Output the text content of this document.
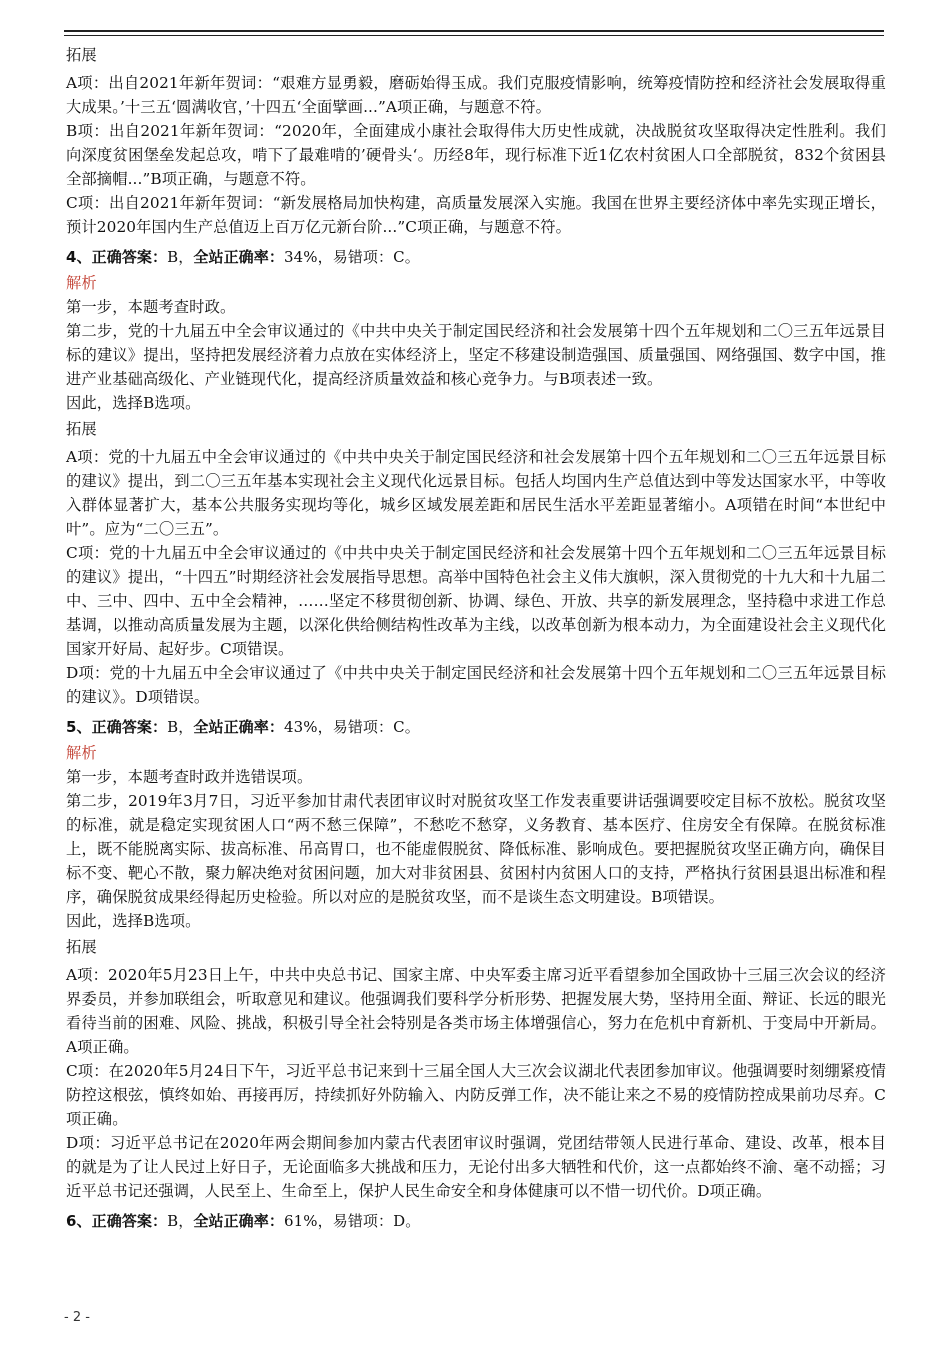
拓展

A项：出自2021年新年贺词：“艰难方显勇毅，磨砺始得玉成。我们克服疫情影响，统筹疫情防控和经济社会发展取得重大成果。’十三五‘圆满收官，’十四五‘全面擘画...”A项正确，与题意不符。

B项：出自2021年新年贺词：“2020年，全面建成小康社会取得伟大历史性成就，决战脱贫攻坚取得决定性胜利。我们向深度贫困堡垒发起总攻，啃下了最难啃的’硬骨头‘。历经8年，现行标准下近1亿农村贫困人口全部脱贫，832个贫困县全部摘帽...”B项正确，与题意不符。

C项：出自2021年新年贺词：“新发展格局加快构建，高质量发展深入实施。我国在世界主要经济体中率先实现正增长，预计2020年国内生产总值迈上百万亿元新台阶...”C项正确，与题意不符。

4、正确答案：B，全站正确率：34%，易错项：C。

解析

第一步，本题考查时政。

第二步，党的十九届五中全会审议通过的《中共中央关于制定国民经济和社会发展第十四个五年规划和二〇三五年远景目标的建议》提出，坚持把发展经济着力点放在实体经济上，坚定不移建设制造强国、质量强国、网络强国、数字中国，推进产业基础高级化、产业链现代化，提高经济质量效益和核心竞争力。与B项表述一致。

因此，选择B选项。

拓展

A项：党的十九届五中全会审议通过的《中共中央关于制定国民经济和社会发展第十四个五年规划和二〇三五年远景目标的建议》提出，到二〇三五年基本实现社会主义现代化远景目标。包括人均国内生产总值达到中等发达国家水平，中等收入群体显著扩大，基本公共服务实现均等化，城乡区域发展差距和居民生活水平差距显著缩小。A项错在时间“本世纪中叶”。应为“二〇三五”。

C项：党的十九届五中全会审议通过的《中共中央关于制定国民经济和社会发展第十四个五年规划和二〇三五年远景目标的建议》提出，“十四五”时期经济社会发展指导思想。高举中国特色社会主义伟大旗帜，深入贯彻党的十九大和十九届二中、三中、四中、五中全会精神，……坚定不移贯彻创新、协调、绿色、开放、共享的新发展理念，坚持稳中求进工作总基调，以推动高质量发展为主题，以深化供给侧结构性改革为主线，以改革创新为根本动力，为全面建设社会主义现代化国家开好局、起好步。C项错误。

D项：党的十九届五中全会审议通过了《中共中央关于制定国民经济和社会发展第十四个五年规划和二〇三五年远景目标的建议》。D项错误。

5、正确答案：B，全站正确率：43%，易错项：C。

解析

第一步，本题考查时政并选错误项。

第二步，2019年3月7日，习近平参加甘肃代表团审议时对脱贫攻坚工作发表重要讲话强调要咬定目标不放松。脱贫攻坚的标准，就是稳定实现贫困人口“两不愁三保障”，不愁吃不愁穿，义务教育、基本医疗、住房安全有保障。在脱贫标准上，既不能脱离实际、拔高标准、吊高胃口，也不能虚假脱贫、降低标准、影响成色。要把握脱贫攻坚正确方向，确保目标不变、靶心不散，聚力解决绝对贫困问题，加大对非贫困县、贫困村内贫困人口的支持，严格执行贫困县退出标准和程序，确保脱贫成果经得起历史检验。所以对应的是脱贫攻坚，而不是谈生态文明建设。B项错误。

因此，选择B选项。

拓展

A项：2020年5月23日上午，中共中央总书记、国家主席、中央军委主席习近平看望参加全国政协十三届三次会议的经济界委员，并参加联组会，听取意见和建议。他强调我们要科学分析形势、把握发展大势，坚持用全面、辩证、长远的眼光看待当前的困难、风险、挑战，积极引导全社会特别是各类市场主体增强信心，努力在危机中育新机、于变局中开新局。A项正确。

C项：在2020年5月24日下午，习近平总书记来到十三届全国人大三次会议湖北代表团参加审议。他强调要时刻绷紧疫情防控这根弦，慎终如始、再接再厉，持续抓好外防输入、内防反弹工作，决不能让来之不易的疫情防控成果前功尽弃。C项正确。

D项：习近平总书记在2020年两会期间参加内蒙古代表团审议时强调，党团结带领人民进行革命、建设、改革，根本目的就是为了让人民过上好日子，无论面临多大挑战和压力，无论付出多大牺牲和代价，这一点都始终不渝、毫不动摇；习近平总书记还强调，人民至上、生命至上，保护人民生命安全和身体健康可以不惜一切代价。D项正确。

6、正确答案：B，全站正确率：61%，易错项：D。

- 2 -
